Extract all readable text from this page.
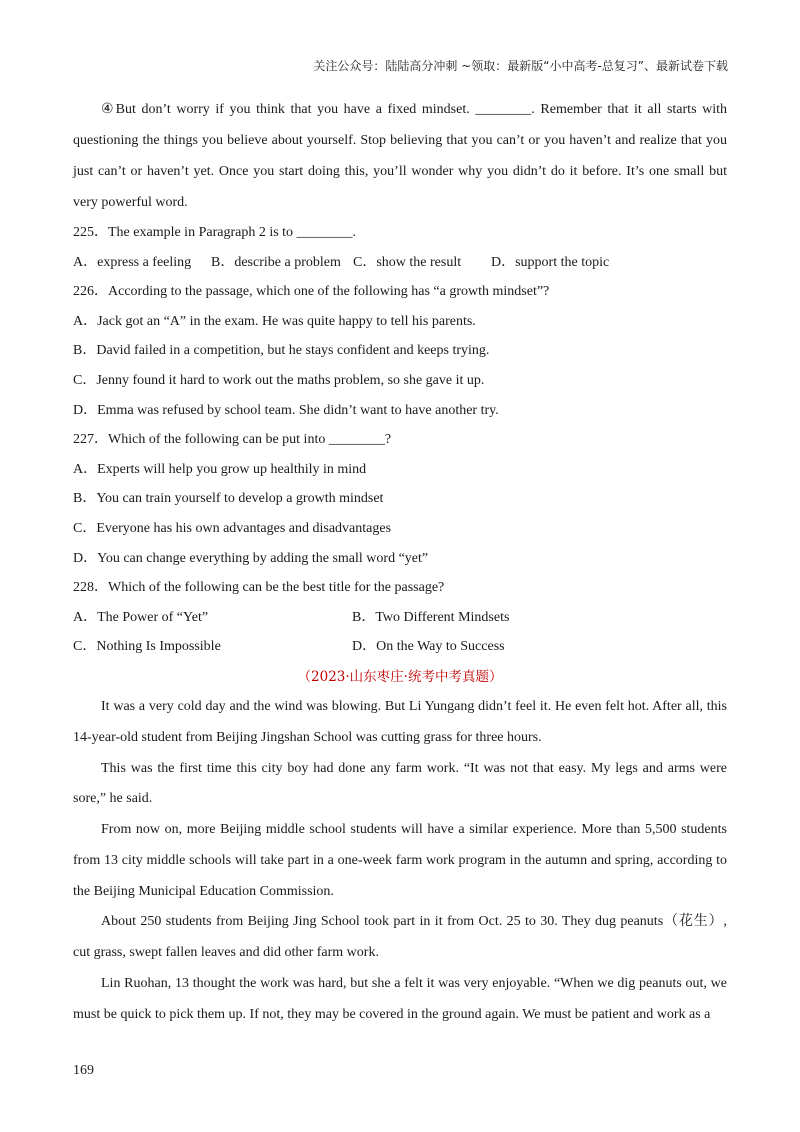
关注公众号：陆陆高分冲刺 ~领取：最新版“小中高考-总复习”、最新试卷下载

④But don’t worry if you think that you have a fixed mindset. ________. Remember that it all starts with questioning the things you believe about yourself. Stop believing that you can’t or you haven’t and realize that you just can’t or haven’t yet. Once you start doing this, you’ll wonder why you didn’t do it before. It’s one small but very powerful word.

225．The example in Paragraph 2 is to ________.

A．express a feeling B．describe a problem C．show the result D．support the topic

226．According to the passage, which one of the following has “a growth mindset”?

A．Jack got an “A” in the exam. He was quite happy to tell his parents.

B．David failed in a competition, but he stays confident and keeps trying.

C．Jenny found it hard to work out the maths problem, so she gave it up.

D．Emma was refused by school team. She didn’t want to have another try.

227．Which of the following can be put into ________?

A．Experts will help you grow up healthily in mind

B．You can train yourself to develop a growth mindset

C．Everyone has his own advantages and disadvantages

D．You can change everything by adding the small word “yet”

228．Which of the following can be the best title for the passage?

A．The Power of “Yet”	B．Two Different Mindsets
C．Nothing Is Impossible	D．On the Way to Success
（2023·山东枣庄·统考中考真题）

It was a very cold day and the wind was blowing. But Li Yungang didn’t feel it. He even felt hot. After all, this 14-year-old student from Beijing Jingshan School was cutting grass for three hours.

This was the first time this city boy had done any farm work. “It was not that easy. My legs and arms were sore,” he said.

From now on, more Beijing middle school students will have a similar experience. More than 5,500 students from 13 city middle schools will take part in a one-week farm work program in the autumn and spring, according to the Beijing Municipal Education Commission.

About 250 students from Beijing Jing School took part in it from Oct. 25 to 30. They dug peanuts（花生）, cut grass, swept fallen leaves and did other farm work.

Lin Ruohan, 13 thought the work was hard, but she a felt it was very enjoyable. “When we dig peanuts out, we must be quick to pick them up. If not, they may be covered in the ground again. We must be patient and work as a

169
